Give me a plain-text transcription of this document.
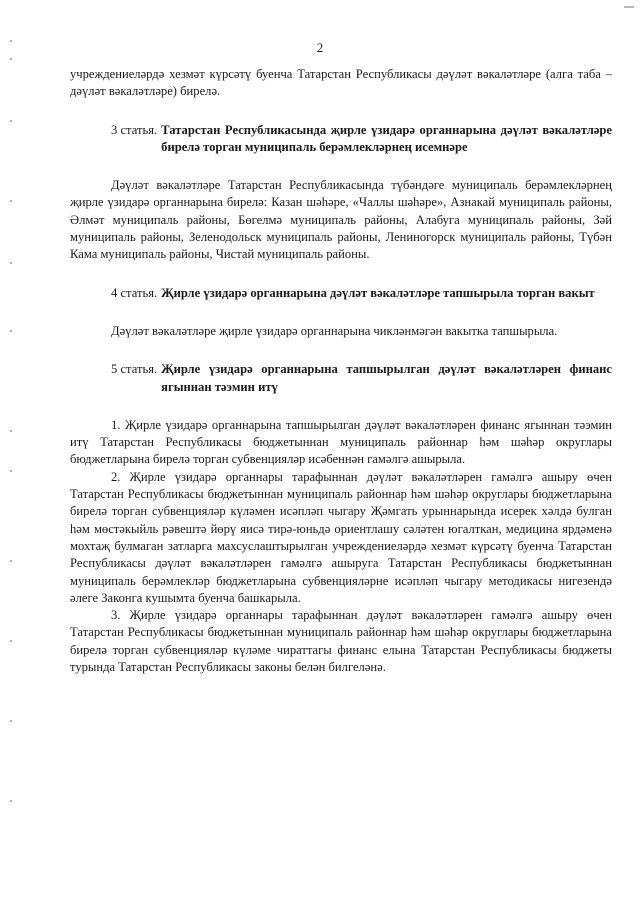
2

учреждениеләрдә хезмәт күрсәтү буенча Татарстан Республикасы дәүләт вәкаләтләре (алга таба – дәүләт вәкаләтләре) бирелә.

3 статья. Татарстан Республикасында җирле үзидарә органнарына дәүләт вәкаләтләре бирелә торган муниципаль берәмлекләрнең исемнәре

Дәүләт вәкаләтләре Татарстан Республикасында түбәндәге муниципаль берәмлекләрнең җирле үзидарә органнарына бирелә: Казан шәһәре, «Чаллы шәһәре», Азнакай муниципаль районы, Әлмәт муниципаль районы, Бөгелмә муниципаль районы, Алабуга муниципаль районы, Зәй муниципаль районы, Зеленодольск муниципаль районы, Лениногорск муниципаль районы, Түбән Кама муниципаль районы, Чистай муниципаль районы.

4 статья. Җирле үзидарә органнарына дәүләт вәкаләтләре тапшырыла торган вакыт

Дәүләт вәкаләтләре җирле үзидарә органнарына чикләнмәгән вакытка тапшырыла.

5 статья. Җирле үзидарә органнарына тапшырылган дәүләт вәкаләтләрен финанс ягыннан тәэмин итү

1. Җирле үзидарә органнарына тапшырылган дәүләт вәкаләтләрен финанс ягыннан тәэмин итү Татарстан Республикасы бюджетыннан муниципаль районнар һәм шәһәр округлары бюджетларына бирелә торган субвенцияләр исәбеннән гамәлгә ашырыла.

2. Җирле үзидарә органнары тарафыннан дәүләт вәкаләтләрен гамәлгә ашыру өчен Татарстан Республикасы бюджетыннан муниципаль районнар һәм шәһәр округлары бюджетларына бирелә торган субвенцияләр күләмен исәпләп чыгару Җәмгать урыннарында исерек хәлдә булган һәм мөстәкыйль рәвештә йөрү яисә тирә-юньдә ориентлашу сәләтен югалткан, медицина ярдәменә мохтаҗ булмаган затларга махсуслаштырылган учреждениеләрдә хезмәт күрсәтү буенча Татарстан Республикасы дәүләт вәкаләтләрен гамәлгә ашыруга Татарстан Республикасы бюджетыннан муниципаль берәмлекләр бюджетларына субвенцияләрне исәпләп чыгару методикасы нигезендә әлеге Законга кушымта буенча башкарыла.

3. Җирле үзидарә органнары тарафыннан дәүләт вәкаләтләрен гамәлгә ашыру өчен Татарстан Республикасы бюджетыннан муниципаль районнар һәм шәһәр округлары бюджетларына бирелә торган субвенцияләр күләме чираттагы финанс елына Татарстан Республикасы бюджеты турында Татарстан Республикасы законы белән билгеләнә.
